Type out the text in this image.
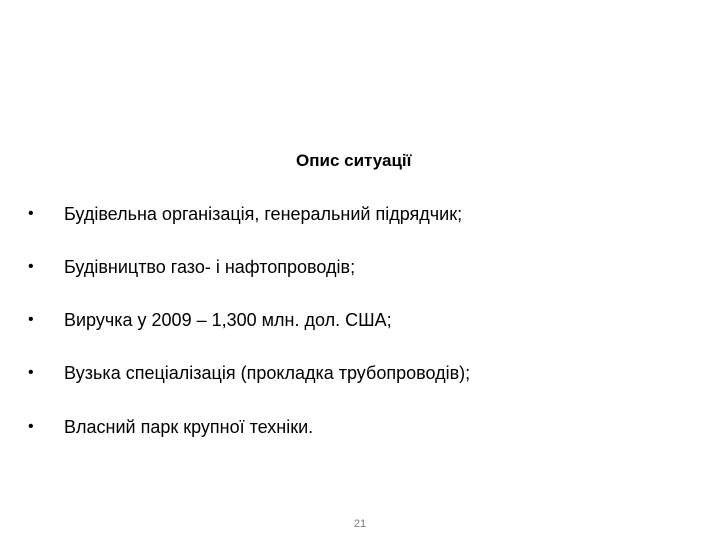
Опис ситуації
•	Будівельна організація, генеральний підрядчик;
•	Будівництво газо- і нафтопроводів;
•	Виручка у 2009 – 1,300 млн. дол. США;
•	Вузька спеціалізація (прокладка трубопроводів);
•	Власний парк крупної техніки.
21
